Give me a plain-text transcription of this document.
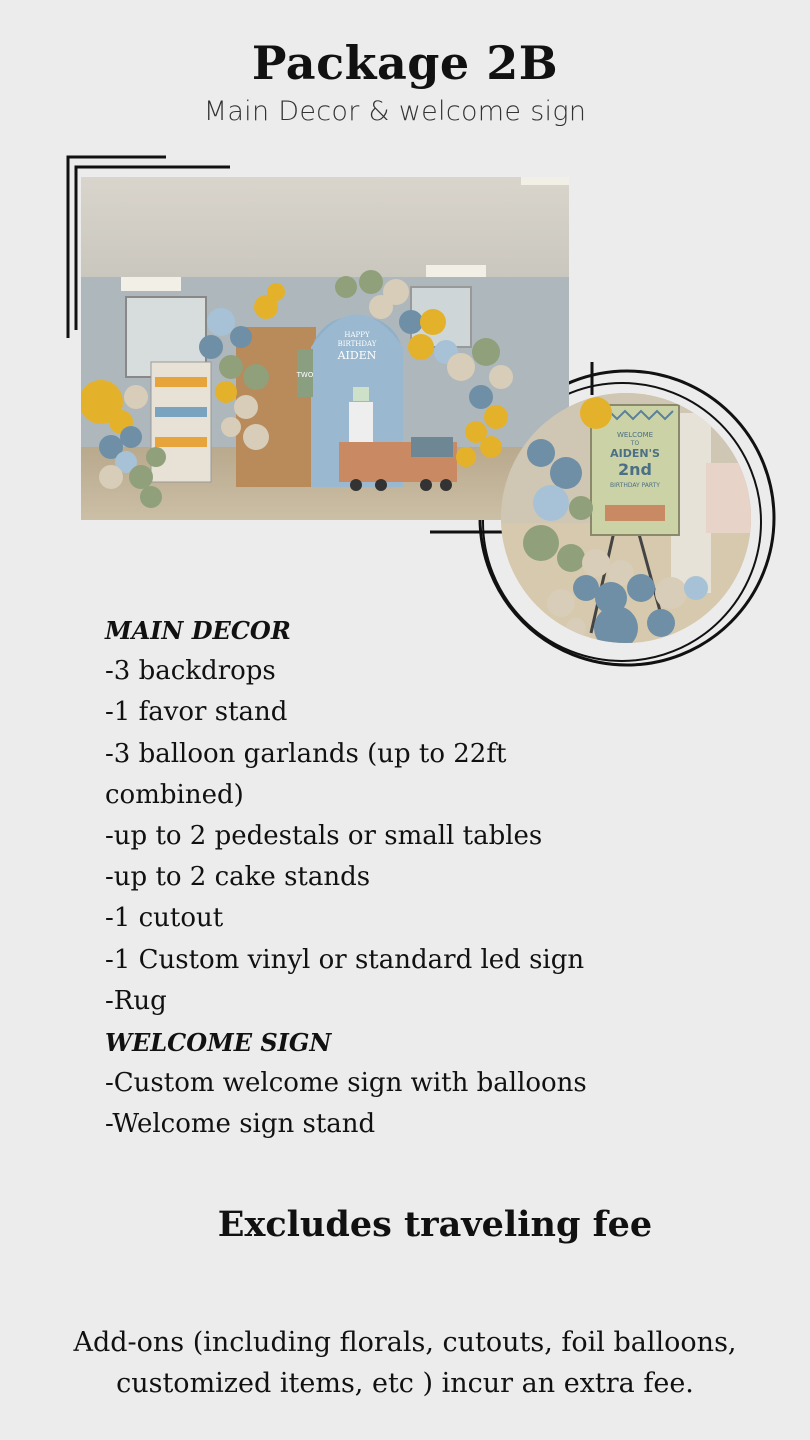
Package 2B
Main Decor & welcome sign
HAPPY
BIRTHDAY
AIDEN
TWO
WELCOME
TO
AIDEN'S
2nd
BIRTHDAY PARTY
MAIN DECOR
-3 backdrops
-1 favor stand
-3 balloon garlands (up to 22ft combined)
-up to 2 pedestals or small tables
-up to 2 cake stands
-1 cutout
-1 Custom vinyl or standard led sign
-Rug
WELCOME SIGN
-Custom welcome sign with balloons
-Welcome sign stand
Excludes traveling fee
Add-ons (including florals, cutouts, foil balloons, customized items, etc ) incur an extra fee.
